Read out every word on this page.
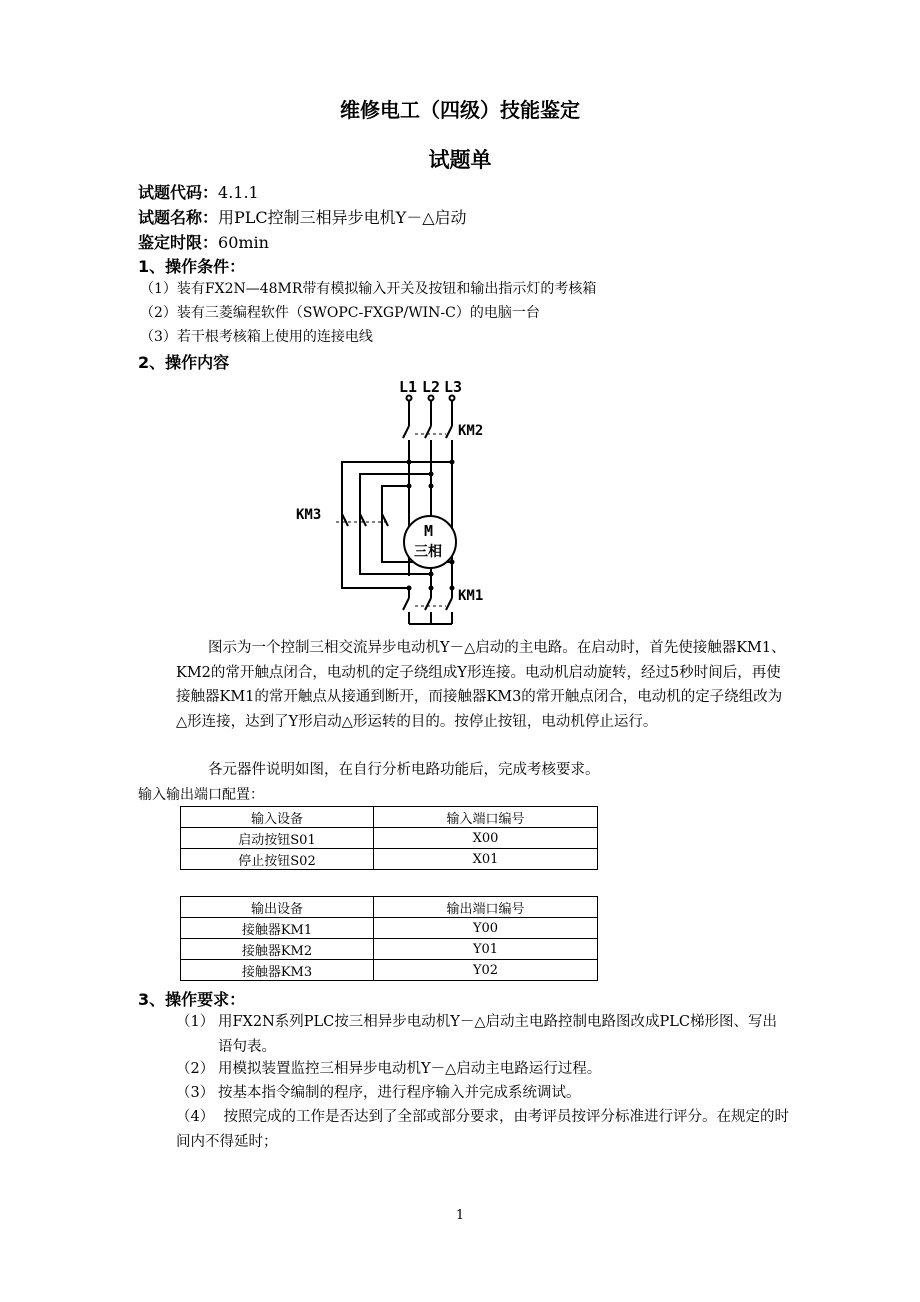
维修电工（四级）技能鉴定
试题单
试题代码：4.1.1
试题名称：用PLC控制三相异步电机Y－△启动
鉴定时限：60min
1、操作条件：
（1）装有FX2N—48MR带有模拟输入开关及按钮和输出指示灯的考核箱
（2）装有三菱编程软件（SWOPC-FXGP/WIN-C）的电脑一台
（3）若干根考核箱上使用的连接电线
2、操作内容
L1 L2 L3
KM2
KM3
KM1
M
三相
图示为一个控制三相交流异步电动机Y－△启动的主电路。在启动时，首先使接触器KM1、KM2的常开触点闭合，电动机的定子绕组成Y形连接。电动机启动旋转，经过5秒时间后，再使接触器KM1的常开触点从接通到断开，而接触器KM3的常开触点闭合，电动机的定子绕组改为△形连接，达到了Y形启动△形运转的目的。按停止按钮，电动机停止运行。
各元器件说明如图，在自行分析电路功能后，完成考核要求。
输入输出端口配置：
输入设备	输入端口编号
启动按钮S01	X00
停止按钮S02	X01
输出设备	输出端口编号
接触器KM1	Y00
接触器KM2	Y01
接触器KM3	Y02
3、操作要求：
（1） 用FX2N系列PLC按三相异步电动机Y－△启动主电路控制电路图改成PLC梯形图、写出语句表。
（2） 用模拟装置监控三相异步电动机Y－△启动主电路运行过程。
（3） 按基本指令编制的程序，进行程序输入并完成系统调试。
（4） 按照完成的工作是否达到了全部或部分要求，由考评员按评分标准进行评分。在规定的时间内不得延时；
1
